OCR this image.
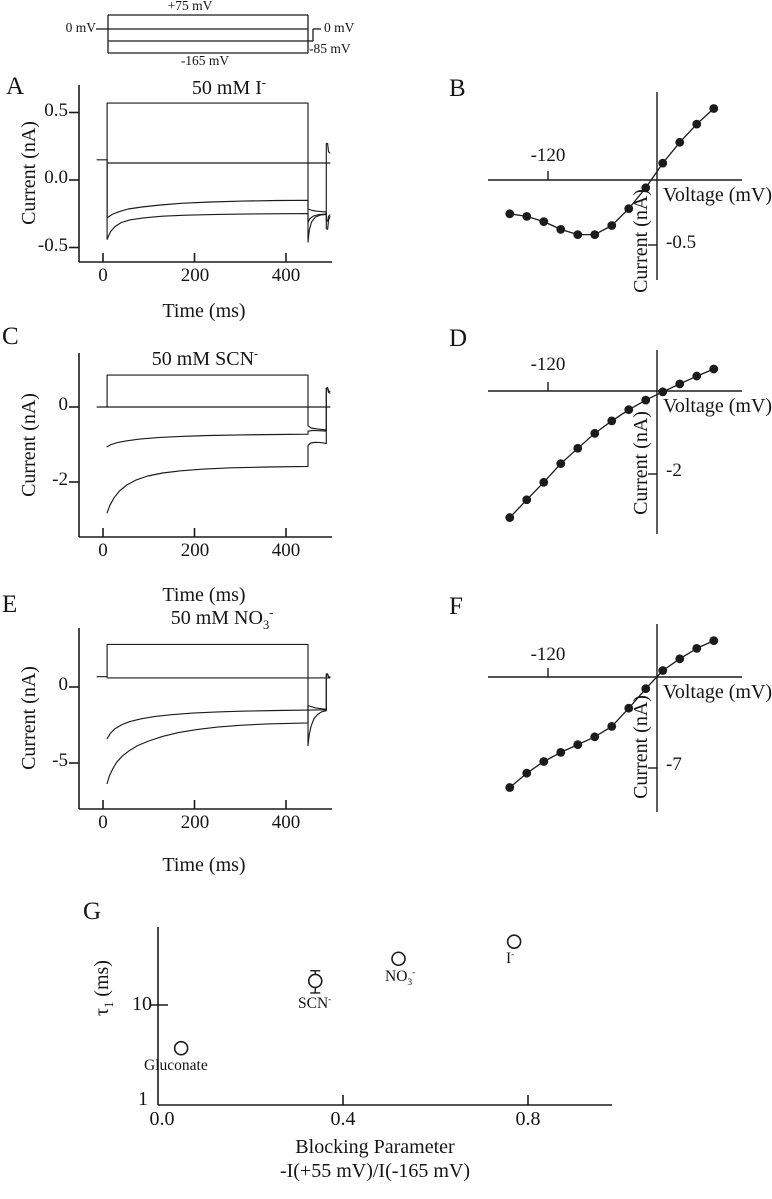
+75 mV
0 mV	0 mV
-85 mV
-165 mV
A	B
C	D
E	F
G
50 mM I-
Current (nA)
0.5
0.0
-0.5
0	200	400
Time (ms)
-120
Voltage (mV)
Current (nA) -0.5
50 mM SCN-
Current (nA) 0
-2
0	200	400
Time (ms)
-120
Voltage (mV)
Current (nA) -2
50 mM $NO_3^-$
Current (nA) 0
-5
0	200	400
Time (ms)
-120
Voltage (mV)
Current (nA) -7
$\tau_1$ (ms)
10
1
0.0	0.4	0.8
Blocking Parameter
-I(+55 mV)/I(-165 mV)
Gluconate
SCN-
$NO_3^-$
I-
